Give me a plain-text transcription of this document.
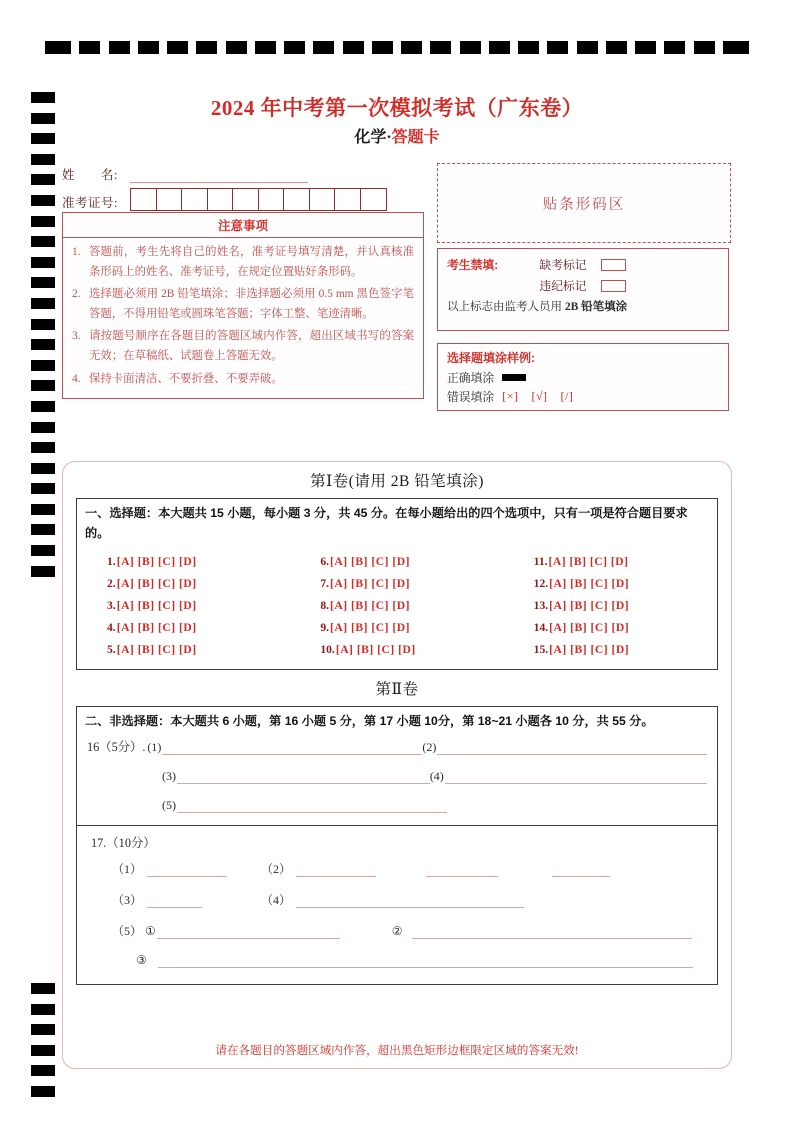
2024 年中考第一次模拟考试（广东卷）
化学·答题卡
姓　　名:
准考证号:	贴条形码区
注意事项
答题前，考生先将自己的姓名，准考证号填写清楚，并认真核准条形码上的姓名、准考证号，在规定位置贴好条形码。
选择题必须用 2B 铅笔填涂；非选择题必须用 0.5 mm 黑色签字笔答题，不得用铅笔或圆珠笔答题；字体工整、笔迹清晰。
请按题号顺序在各题目的答题区域内作答，超出区域书写的答案无效；在草稿纸、试题卷上答题无效。
保持卡面清洁、不要折叠、不要弄破。
考生禁填:	缺考标记
违纪标记
以上标志由监考人员用 2B 铅笔填涂
选择题填涂样例:
正确填涂
错误填涂 [×] [√] [/]
第Ⅰ卷(请用 2B 铅笔填涂)
一、选择题：本大题共 15 小题，每小题 3 分，共 45 分。在每小题给出的四个选项中，只有一项是符合题目要求的。
1.[A] [B] [C] [D]	6.[A] [B] [C] [D]	11.[A] [B] [C] [D]
2.[A] [B] [C] [D]	7.[A] [B] [C] [D]	12.[A] [B] [C] [D]
3.[A] [B] [C] [D]	8.[A] [B] [C] [D]	13.[A] [B] [C] [D]
4.[A] [B] [C] [D]	9.[A] [B] [C] [D]	14.[A] [B] [C] [D]
5.[A] [B] [C] [D]	10.[A] [B] [C] [D]	15.[A] [B] [C] [D]
第Ⅱ卷
二、非选择题：本大题共 6 小题，第 16 小题 5 分，第 17 小题 10分，第 18~21 小题各 10 分，共 55 分。
16（5分）. (1)	(2)
(3)	(4)
(5)
17.（10分）
（1）	（2）
（3）	（4）
（5） ①	②
③
请在各题目的答题区域内作答，超出黑色矩形边框限定区域的答案无效!
